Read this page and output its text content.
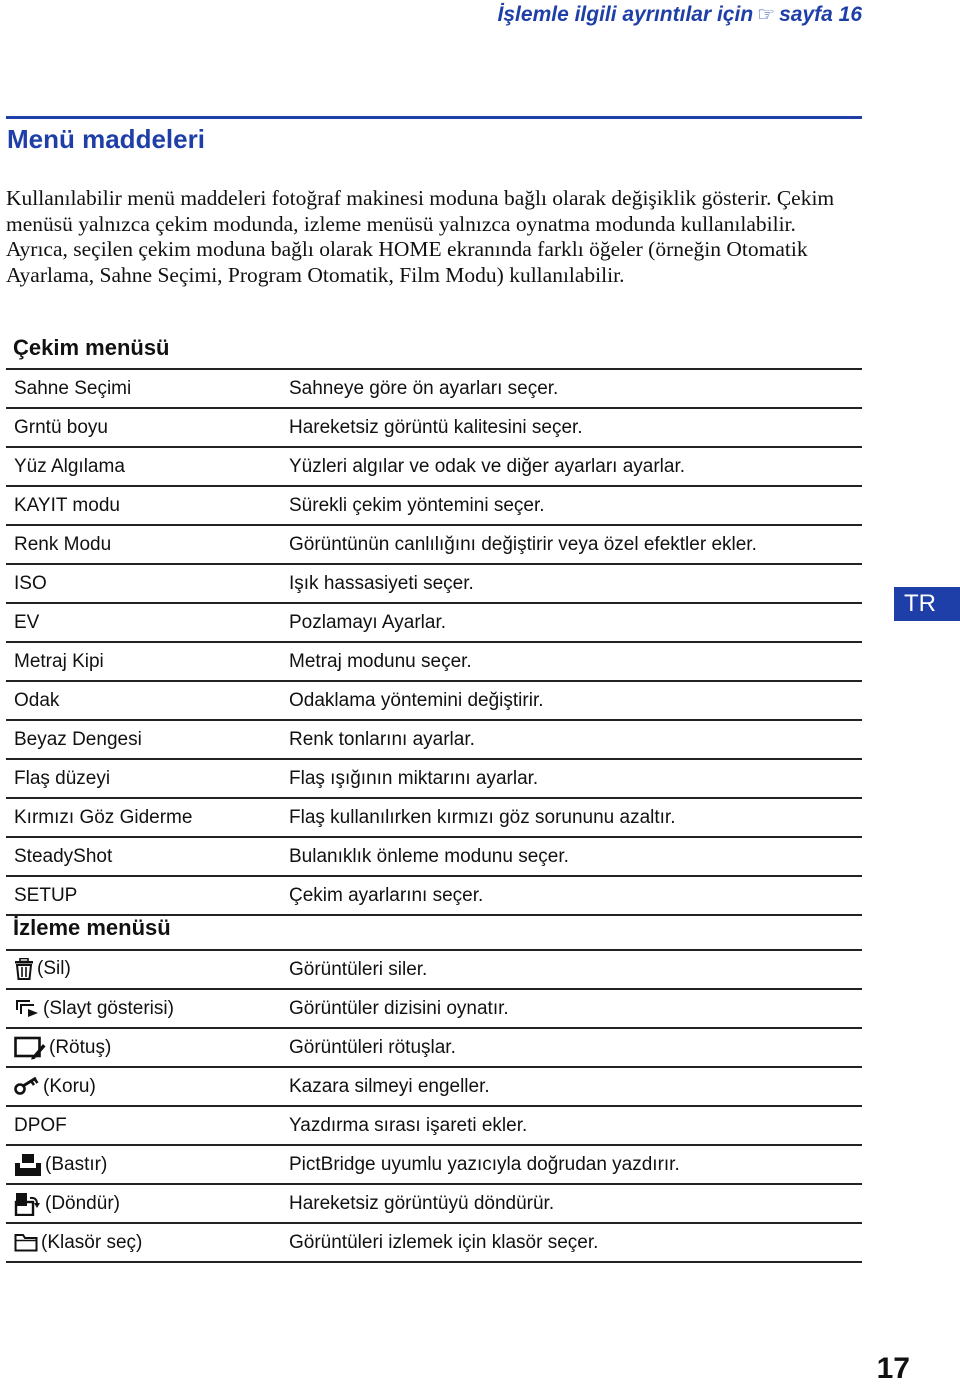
İşlemle ilgili ayrıntılar için ☞ sayfa 16
Menü maddeleri

Kullanılabilir menü maddeleri fotoğraf makinesi moduna bağlı olarak değişiklik gösterir. Çekim menüsü yalnızca çekim modunda, izleme menüsü yalnızca oynatma modunda kullanılabilir.

Ayrıca, seçilen çekim moduna bağlı olarak HOME ekranında farklı öğeler (örneğin Otomatik Ayarlama, Sahne Seçimi, Program Otomatik, Film Modu) kullanılabilir.

Çekim menüsü
Sahne Seçimi	Sahneye göre ön ayarları seçer.
Grntü boyu	Hareketsiz görüntü kalitesini seçer.
Yüz Algılama	Yüzleri algılar ve odak ve diğer ayarları ayarlar.
KAYIT modu	Sürekli çekim yöntemini seçer.
Renk Modu	Görüntünün canlılığını değiştirir veya özel efektler ekler.
ISO	Işık hassasiyeti seçer.
EV	Pozlamayı Ayarlar.
Metraj Kipi	Metraj modunu seçer.
Odak	Odaklama yöntemini değiştirir.
Beyaz Dengesi	Renk tonlarını ayarlar.
Flaş düzeyi	Flaş ışığının miktarını ayarlar.
Kırmızı Göz Giderme	Flaş kullanılırken kırmızı göz sorununu azaltır.
SteadyShot	Bulanıklık önleme modunu seçer.
SETUP	Çekim ayarlarını seçer.
TR
İzleme menüsü
(Sil)	Görüntüleri siler.
(Slayt gösterisi)	Görüntüler dizisini oynatır.
(Rötuş)	Görüntüleri rötuşlar.
(Koru)	Kazara silmeyi engeller.
DPOF	Yazdırma sırası işareti ekler.
(Bastır)	PictBridge uyumlu yazıcıyla doğrudan yazdırır.
(Döndür)	Hareketsiz görüntüyü döndürür.
(Klasör seç)	Görüntüleri izlemek için klasör seçer.
17
